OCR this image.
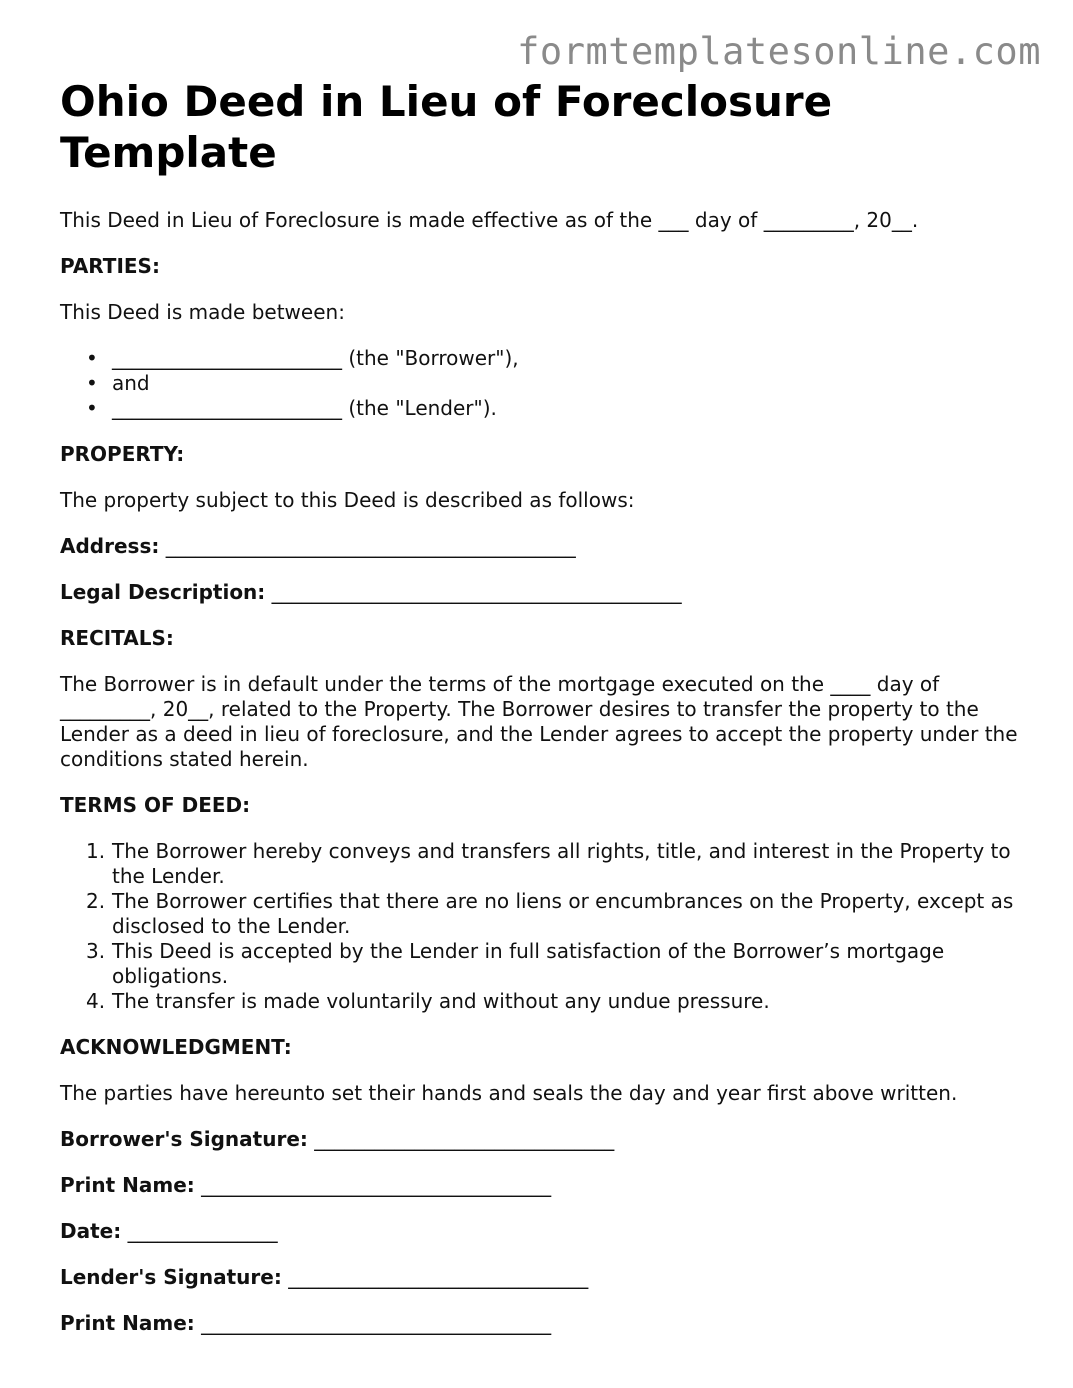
formtemplatesonline.com
Ohio Deed in Lieu of Foreclosure Template

This Deed in Lieu of Foreclosure is made effective as of the ___ day of _________, 20__.

PARTIES:

This Deed is made between:

• _______________________ (the "Borrower"),
• and
• _______________________ (the "Lender").

PROPERTY:

The property subject to this Deed is described as follows:

Address: _________________________________________

Legal Description: _________________________________________

RECITALS:

The Borrower is in default under the terms of the mortgage executed on the ____ day of _________, 20__, related to the Property. The Borrower desires to transfer the property to the Lender as a deed in lieu of foreclosure, and the Lender agrees to accept the property under the conditions stated herein.

TERMS OF DEED:

1. The Borrower hereby conveys and transfers all rights, title, and interest in the Property to the Lender.
2. The Borrower certifies that there are no liens or encumbrances on the Property, except as disclosed to the Lender.
3. This Deed is accepted by the Lender in full satisfaction of the Borrower’s mortgage obligations.
4. The transfer is made voluntarily and without any undue pressure.

ACKNOWLEDGMENT:

The parties have hereunto set their hands and seals the day and year first above written.

Borrower's Signature: ______________________________

Print Name: ___________________________________

Date: _______________

Lender's Signature: ______________________________

Print Name: ___________________________________
